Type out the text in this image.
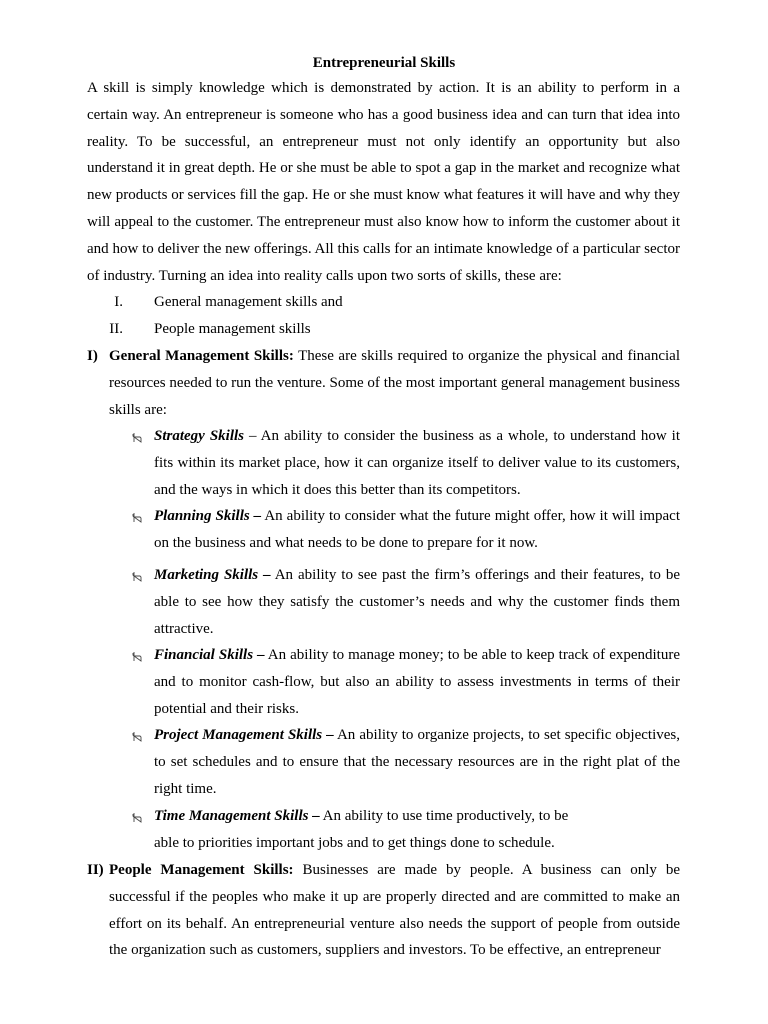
Entrepreneurial Skills
A skill is simply knowledge which is demonstrated by action. It is an ability to perform in a certain way. An entrepreneur is someone who has a good business idea and can turn that idea into reality. To be successful, an entrepreneur must not only identify an opportunity but also understand it in great depth. He or she must be able to spot a gap in the market and recognize what new products or services fill the gap. He or she must know what features it will have and why they will appeal to the customer. The entrepreneur must also know how to inform the customer about it and how to deliver the new offerings. All this calls for an intimate knowledge of a particular sector of industry. Turning an idea into reality calls upon two sorts of skills, these are:
I. General management skills and
II. People management skills
I) General Management Skills: These are skills required to organize the physical and financial resources needed to run the venture. Some of the most important general management business skills are:
Strategy Skills – An ability to consider the business as a whole, to understand how it fits within its market place, how it can organize itself to deliver value to its customers, and the ways in which it does this better than its competitors.
Planning Skills – An ability to consider what the future might offer, how it will impact on the business and what needs to be done to prepare for it now.
Marketing Skills – An ability to see past the firm’s offerings and their features, to be able to see how they satisfy the customer’s needs and why the customer finds them attractive.
Financial Skills – An ability to manage money; to be able to keep track of expenditure and to monitor cash-flow, but also an ability to assess investments in terms of their potential and their risks.
Project Management Skills – An ability to organize projects, to set specific objectives, to set schedules and to ensure that the necessary resources are in the right plat of the right time.
Time Management Skills – An ability to use time productively, to be
able to priorities important jobs and to get things done to schedule.
II) People Management Skills: Businesses are made by people. A business can only be successful if the peoples who make it up are properly directed and are committed to make an effort on its behalf. An entrepreneurial venture also needs the support of people from outside the organization such as customers, suppliers and investors. To be effective, an entrepreneur
